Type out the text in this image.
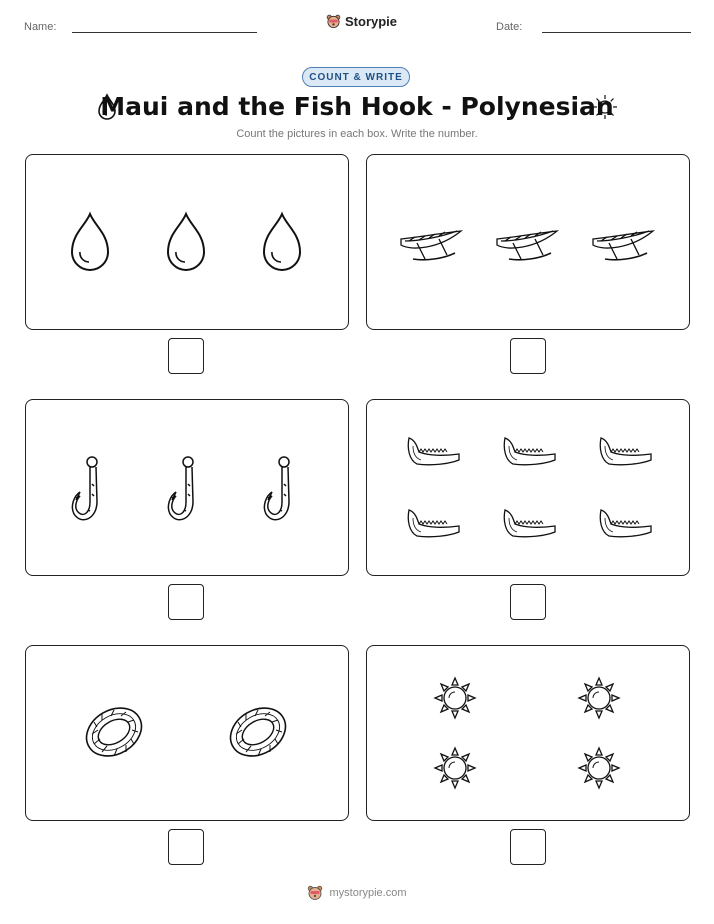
Name:	Storypie	Date:
COUNT & WRITE
Maui and the Fish Hook - Polynesian
Count the pictures in each box. Write the number.
mystorypie.com
